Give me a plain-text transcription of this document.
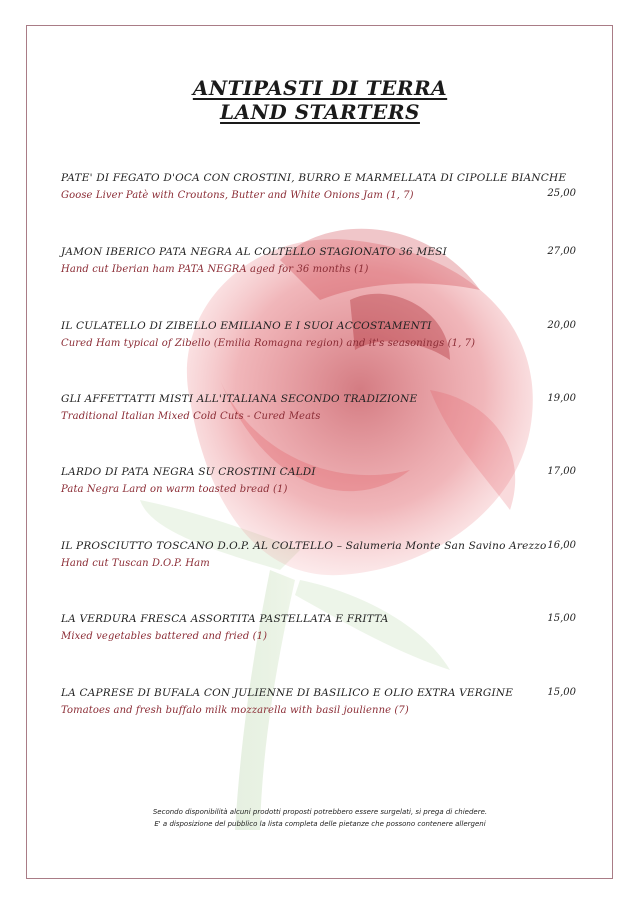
ANTIPASTI DI TERRA
LAND STARTERS
PATE' DI FEGATO D'OCA CON CROSTINI, BURRO E MARMELLATA DI CIPOLLE BIANCHE
Goose Liver Patè with Croutons, Butter and White Onions Jam (1, 7)	25,00
JAMON IBERICO PATA NEGRA AL COLTELLO STAGIONATO 36 MESI
Hand cut Iberian ham PATA NEGRA aged for 36 months (1)
27,00
IL CULATELLO DI ZIBELLO EMILIANO E I SUOI ACCOSTAMENTI
Cured Ham typical of Zibello (Emilia Romagna region) and it's seasonings (1, 7)
20,00
GLI AFFETTATTI MISTI ALL'ITALIANA SECONDO TRADIZIONE
Traditional Italian Mixed Cold Cuts - Cured Meats
19,00
LARDO DI PATA NEGRA SU CROSTINI CALDI
Pata Negra Lard on warm toasted bread (1)
17,00
IL PROSCIUTTO TOSCANO D.O.P. AL COLTELLO – Salumeria Monte San Savino Arezzo
Hand cut Tuscan D.O.P. Ham
16,00
LA VERDURA FRESCA ASSORTITA PASTELLATA E FRITTA
Mixed vegetables battered and fried (1)
15,00
LA CAPRESE DI BUFALA CON JULIENNE DI BASILICO E OLIO EXTRA VERGINE
Tomatoes and fresh buffalo milk mozzarella with basil joulienne (7)
15,00
Secondo disponibilità alcuni prodotti proposti potrebbero essere surgelati, si prega di chiedere.
E' a disposizione del pubblico la lista completa delle pietanze che possono contenere allergeni
